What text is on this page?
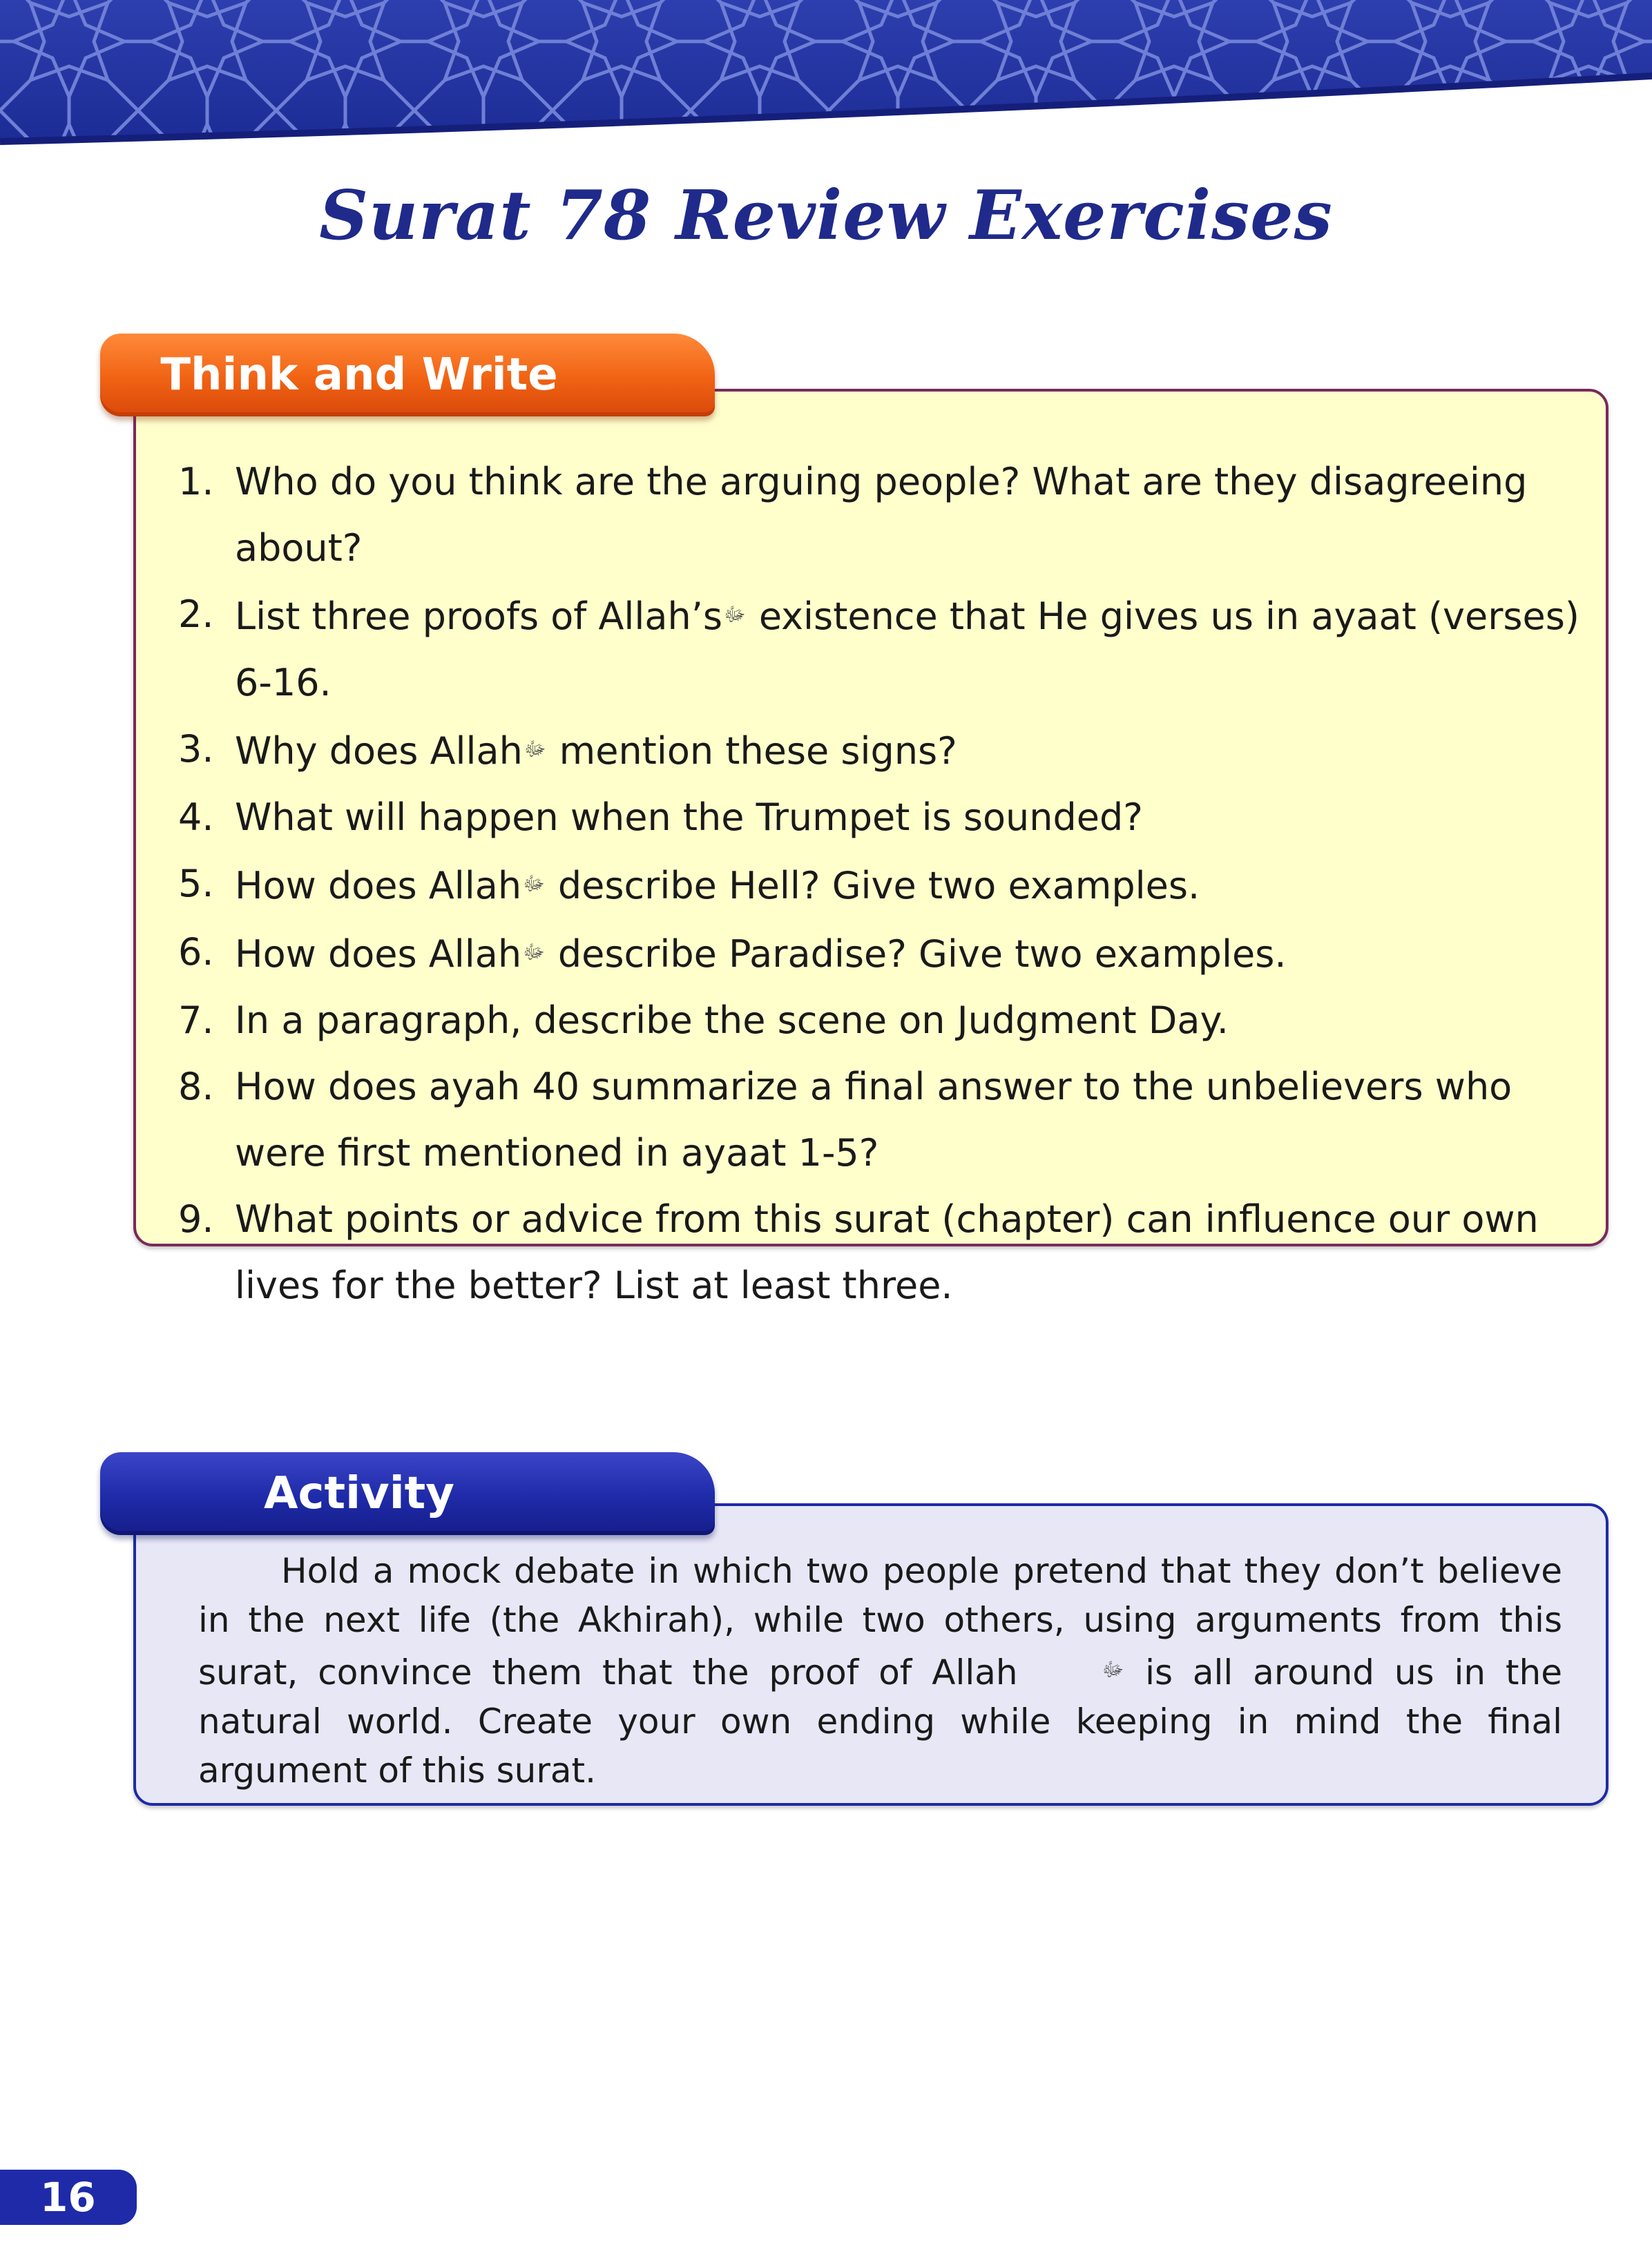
Surat 78 Review Exercises
Think and Write
1. Who do you think are the arguing people? What are they disagreeing about?
2. List three proofs of Allah’sﷻ existence that He gives us in ayaat (verses) 6-16.
3. Why does Allahﷻ mention these signs?
4. What will happen when the Trumpet is sounded?
5. How does Allahﷻ describe Hell? Give two examples.
6. How does Allahﷻ describe Paradise? Give two examples.
7. In a paragraph, describe the scene on Judgment Day.
8. How does ayah 40 summarize a final answer to the unbelievers who were first mentioned in ayaat 1-5?
9. What points or advice from this surat (chapter) can influence our own lives for the better? List at least three.
Activity

Hold a mock debate in which two people pretend that they don’t believe in the next life (the Akhirah), while two others, using arguments from this surat, convince them that the proof of Allah	ﷻ is all around us in the natural world. Create your own ending while keeping in mind the final argument of this surat.

16
